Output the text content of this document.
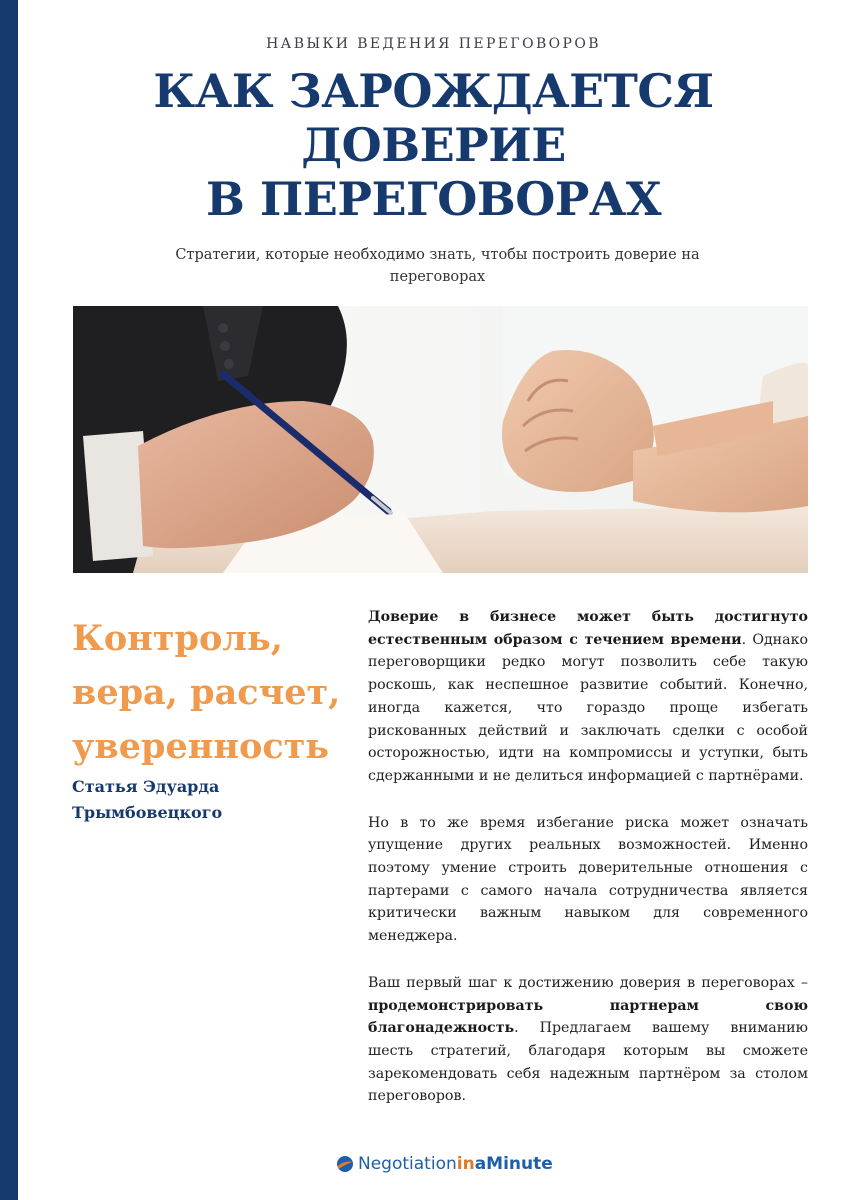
НАВЫКИ ВЕДЕНИЯ ПЕРЕГОВОРОВ
КАК ЗАРОЖДАЕТСЯ
ДОВЕРИЕ
В ПЕРЕГОВОРАХ
Стратегии, которые необходимо знать, чтобы построить доверие на переговорах
Контроль,
вера, расчет,
уверенность
Статья Эдуарда
Трымбовецкого

Доверие в бизнесе может быть достигнуто естественным образом с течением времени. Однако переговорщики редко могут позволить себе такую роскошь, как неспешное развитие событий. Конечно, иногда кажется, что гораздо проще избегать рискованных действий и заключать сделки с особой осторожностью, идти на компромиссы и уступки, быть сдержанными и не делиться информацией с партнёрами.

Но в то же время избегание риска может означать упущение других реальных возможностей. Именно поэтому умение строить доверительные отношения с партерами с самого начала сотрудничества является критически важным навыком для современного менеджера.

Ваш первый шаг к достижению доверия в переговорах – продемонстрировать партнерам свою благонадежность. Предлагаем вашему вниманию шесть стратегий, благодаря которым вы сможете зарекомендовать себя надежным партнёром за столом переговоров.

Negotiation in aMinute
